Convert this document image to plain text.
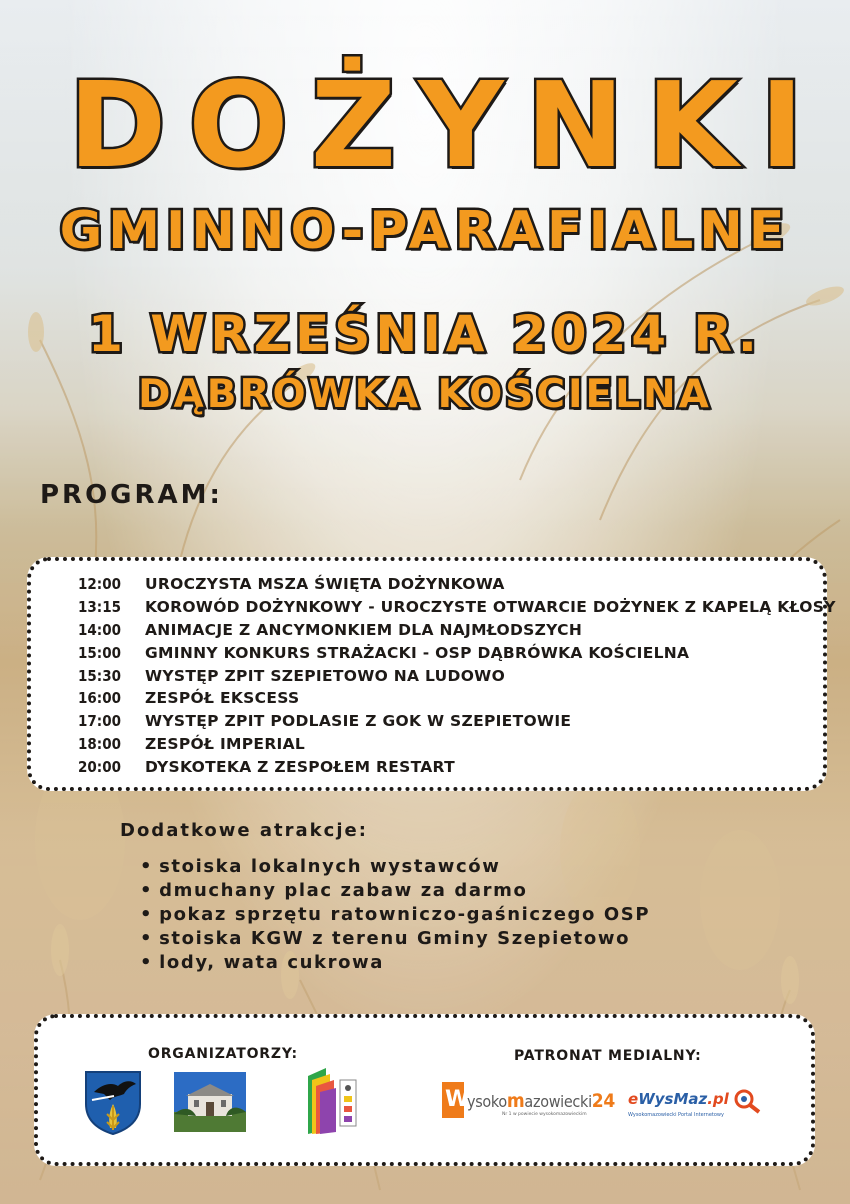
DOŻYNKI
GMINNO-PARAFIALNE
1 WRZEŚNIA 2024 R.
DĄBRÓWKA KOŚCIELNA
PROGRAM:
12:00 UROCZYSTA MSZA ŚWIĘTA DOŻYNKOWA
13:15 KOROWÓD DOŻYNKOWY - UROCZYSTE OTWARCIE DOŻYNEK Z KAPELĄ KŁOSY
14:00 ANIMACJE Z ANCYMONKIEM DLA NAJMŁODSZYCH
15:00 GMINNY KONKURS STRAŻACKI - OSP DĄBRÓWKA KOŚCIELNA
15:30 WYSTĘP ZPIT SZEPIETOWO NA LUDOWO
16:00 ZESPÓŁ EKSCESS
17:00 WYSTĘP ZPIT PODLASIE Z GOK W SZEPIETOWIE
18:00 ZESPÓŁ IMPERIAL
20:00 DYSKOTEKA Z ZESPOŁEM RESTART
Dodatkowe atrakcje:
• stoiska lokalnych wystawców
• dmuchany plac zabaw za darmo
• pokaz sprzętu ratowniczo-gaśniczego OSP
• stoiska KGW z terenu Gminy Szepietowo
• lody, wata cukrowa

ORGANIZATORZY:	PATRONAT MEDIALNY:

W
ysokomazowiecki24
Nr 1 w powiecie wysokomazowieckim
eWysMaz.pl
Wysokomazowiecki Portal Internetowy
